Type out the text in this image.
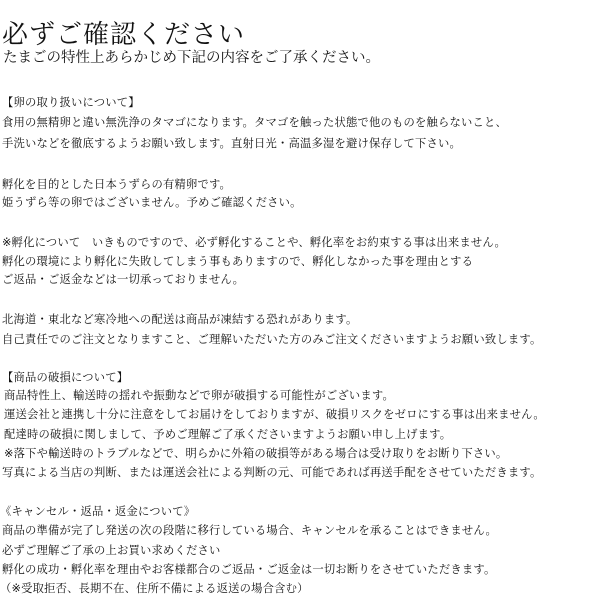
必ずご確認ください
たまごの特性上あらかじめ下記の内容をご了承ください。
【卵の取り扱いについて】
食用の無精卵と違い無洗浄のタマゴになります。タマゴを触った状態で他のものを触らないこと、
手洗いなどを徹底するようお願い致します。直射日光・高温多湿を避け保存して下さい。
孵化を目的とした日本うずらの有精卵です。
姫うずら等の卵ではございません。予めご確認ください。
※孵化について　いきものですので、必ず孵化することや、孵化率をお約束する事は出来ません。
孵化の環境により孵化に失敗してしまう事もありますので、孵化しなかった事を理由とする
ご返品・ご返金などは一切承っておりません。
北海道・東北など寒冷地への配送は商品が凍結する恐れがあります。
自己責任でのご注文となりますこと、ご理解いただいた方のみご注文くださいますようお願い致します。
【商品の破損について】
商品特性上、輸送時の揺れや振動などで卵が破損する可能性がございます。
運送会社と連携し十分に注意をしてお届けをしておりますが、破損リスクをゼロにする事は出来ません。
配達時の破損に関しまして、予めご理解ご了承くださいますようお願い申し上げます。
※落下や輸送時のトラブルなどで、明らかに外箱の破損等がある場合は受け取りをお断り下さい。
写真による当店の判断、または運送会社による判断の元、可能であれば再送手配をさせていただきます。
《キャンセル・返品・返金について》
商品の準備が完了し発送の次の段階に移行している場合、キャンセルを承ることはできません。
必ずご理解ご了承の上お買い求めください
孵化の成功・孵化率を理由やお客様都合のご返品・ご返金は一切お断りをさせていただきます。
（※受取拒否、長期不在、住所不備による返送の場合含む）
